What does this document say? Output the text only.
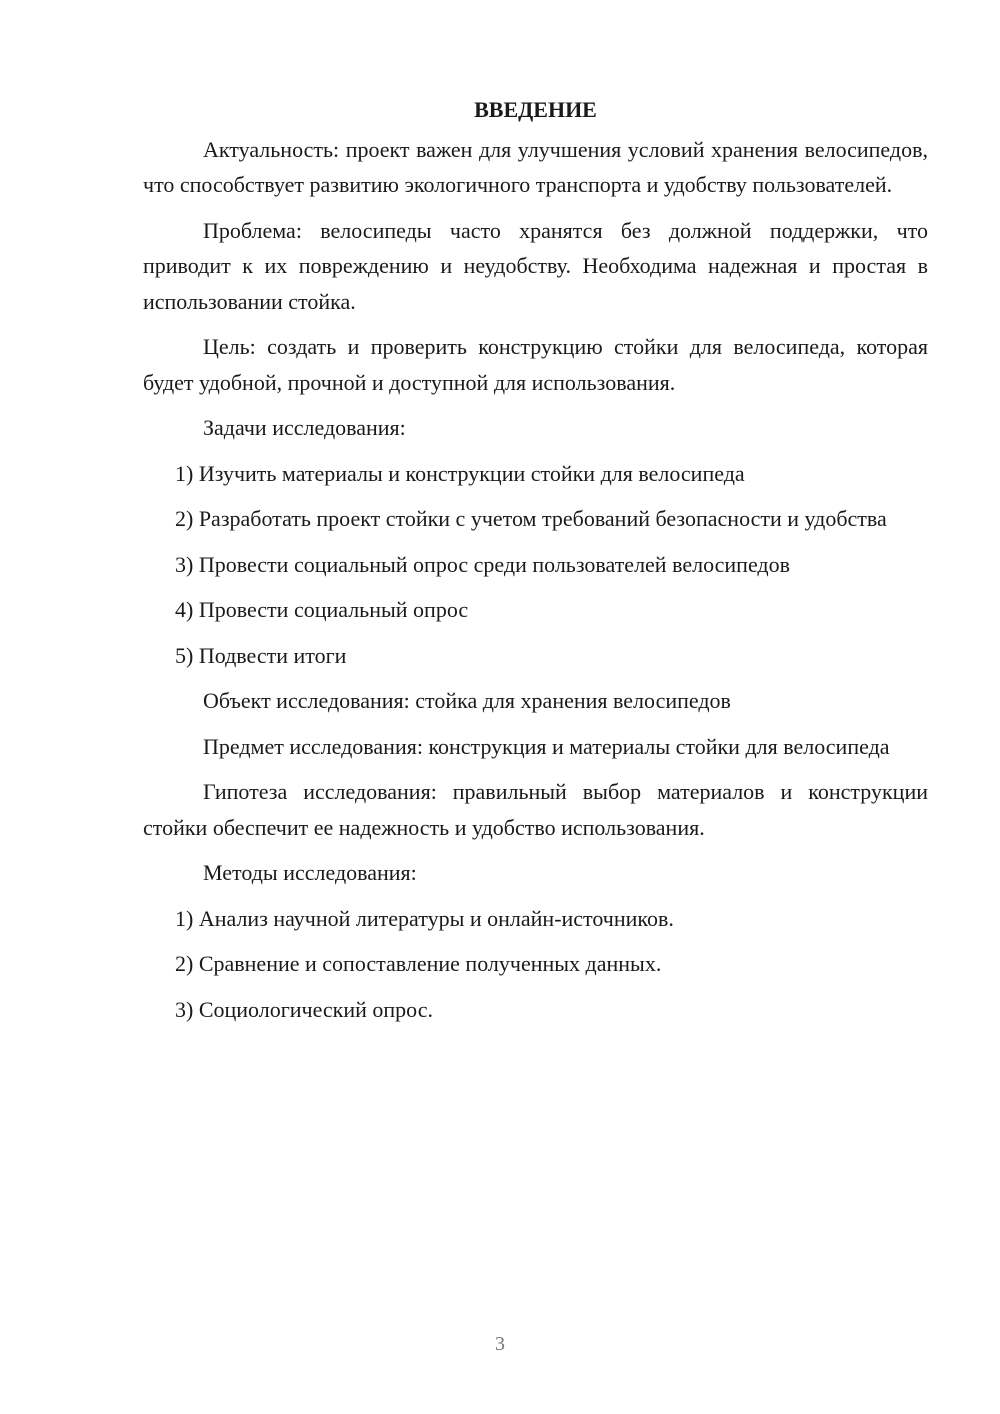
ВВЕДЕНИЕ

Актуальность: проект важен для улучшения условий хранения велосипедов, что способствует развитию экологичного транспорта и удобству пользователей.

Проблема: велосипеды часто хранятся без должной поддержки, что приводит к их повреждению и неудобству. Необходима надежная и простая в использовании стойка.

Цель: создать и проверить конструкцию стойки для велосипеда, которая будет удобной, прочной и доступной для использования.

Задачи исследования:

1) Изучить материалы и конструкции стойки для велосипеда

2) Разработать проект стойки с учетом требований безопасности и удобства

3) Провести социальный опрос среди пользователей велосипедов

4) Провести социальный опрос

5) Подвести итоги

Объект исследования: стойка для хранения велосипедов

Предмет исследования: конструкция и материалы стойки для велосипеда

Гипотеза исследования: правильный выбор материалов и конструкции стойки обеспечит ее надежность и удобство использования.

Методы исследования:

1) Анализ научной литературы и онлайн-источников.

2) Сравнение и сопоставление полученных данных.

3) Социологический опрос.

3
